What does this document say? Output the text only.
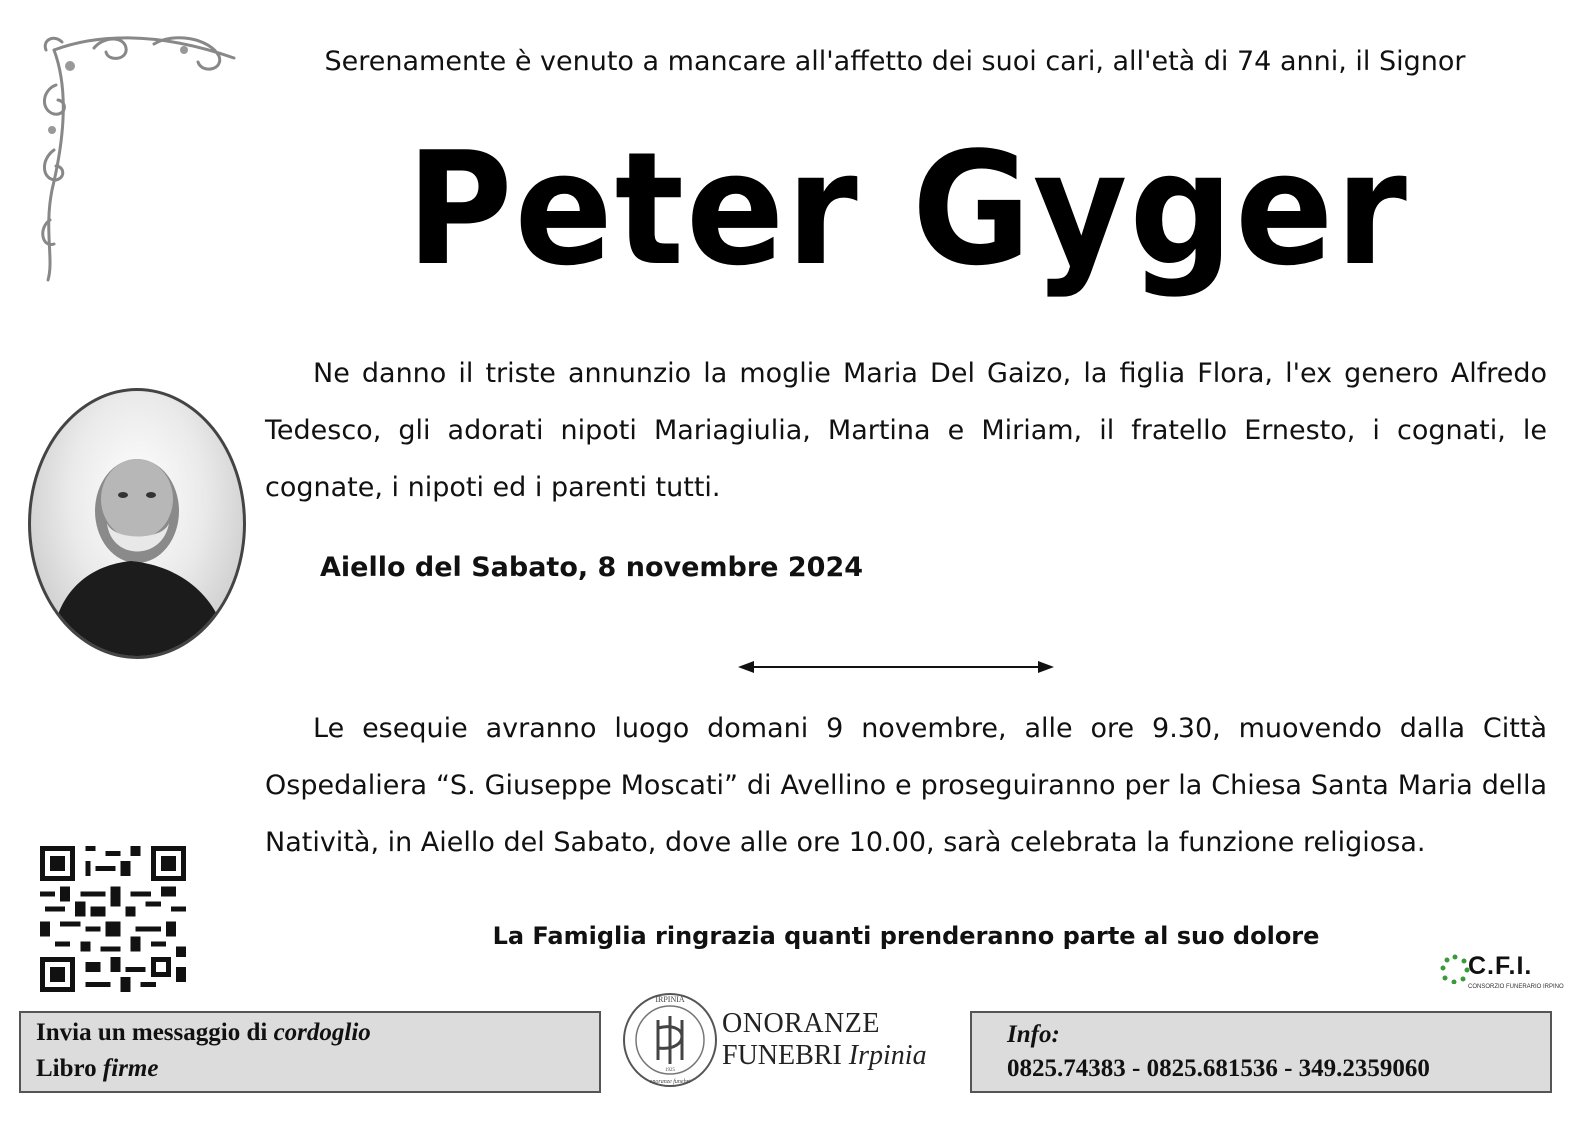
Serenamente è venuto a mancare all'affetto dei suoi cari, all'età di 74 anni, il Signor
Peter Gyger
Ne danno il triste annunzio la moglie Maria Del Gaizo, la figlia Flora, l'ex genero Alfredo Tedesco, gli adorati nipoti Mariagiulia, Martina e Miriam, il fratello Ernesto, i cognati, le cognate, i nipoti ed i parenti tutti.
Aiello del Sabato, 8 novembre 2024
Le esequie avranno luogo domani 9 novembre, alle ore 9.30, muovendo dalla Città Ospedaliera “S. Giuseppe Moscati” di Avellino e proseguiranno per la Chiesa Santa Maria della Natività, in Aiello del Sabato, dove alle ore 10.00, sarà celebrata la funzione religiosa.
La Famiglia ringrazia quanti prenderanno parte al suo dolore
C.F.I.
CONSORZIO FUNERARIO IRPINO
Invia un messaggio di cordoglio
Libro firme
IRPINIA
1925
onoranze funebri
ONORANZE
FUNEBRI Irpinia
Info:
0825.74383 - 0825.681536 - 349.2359060
